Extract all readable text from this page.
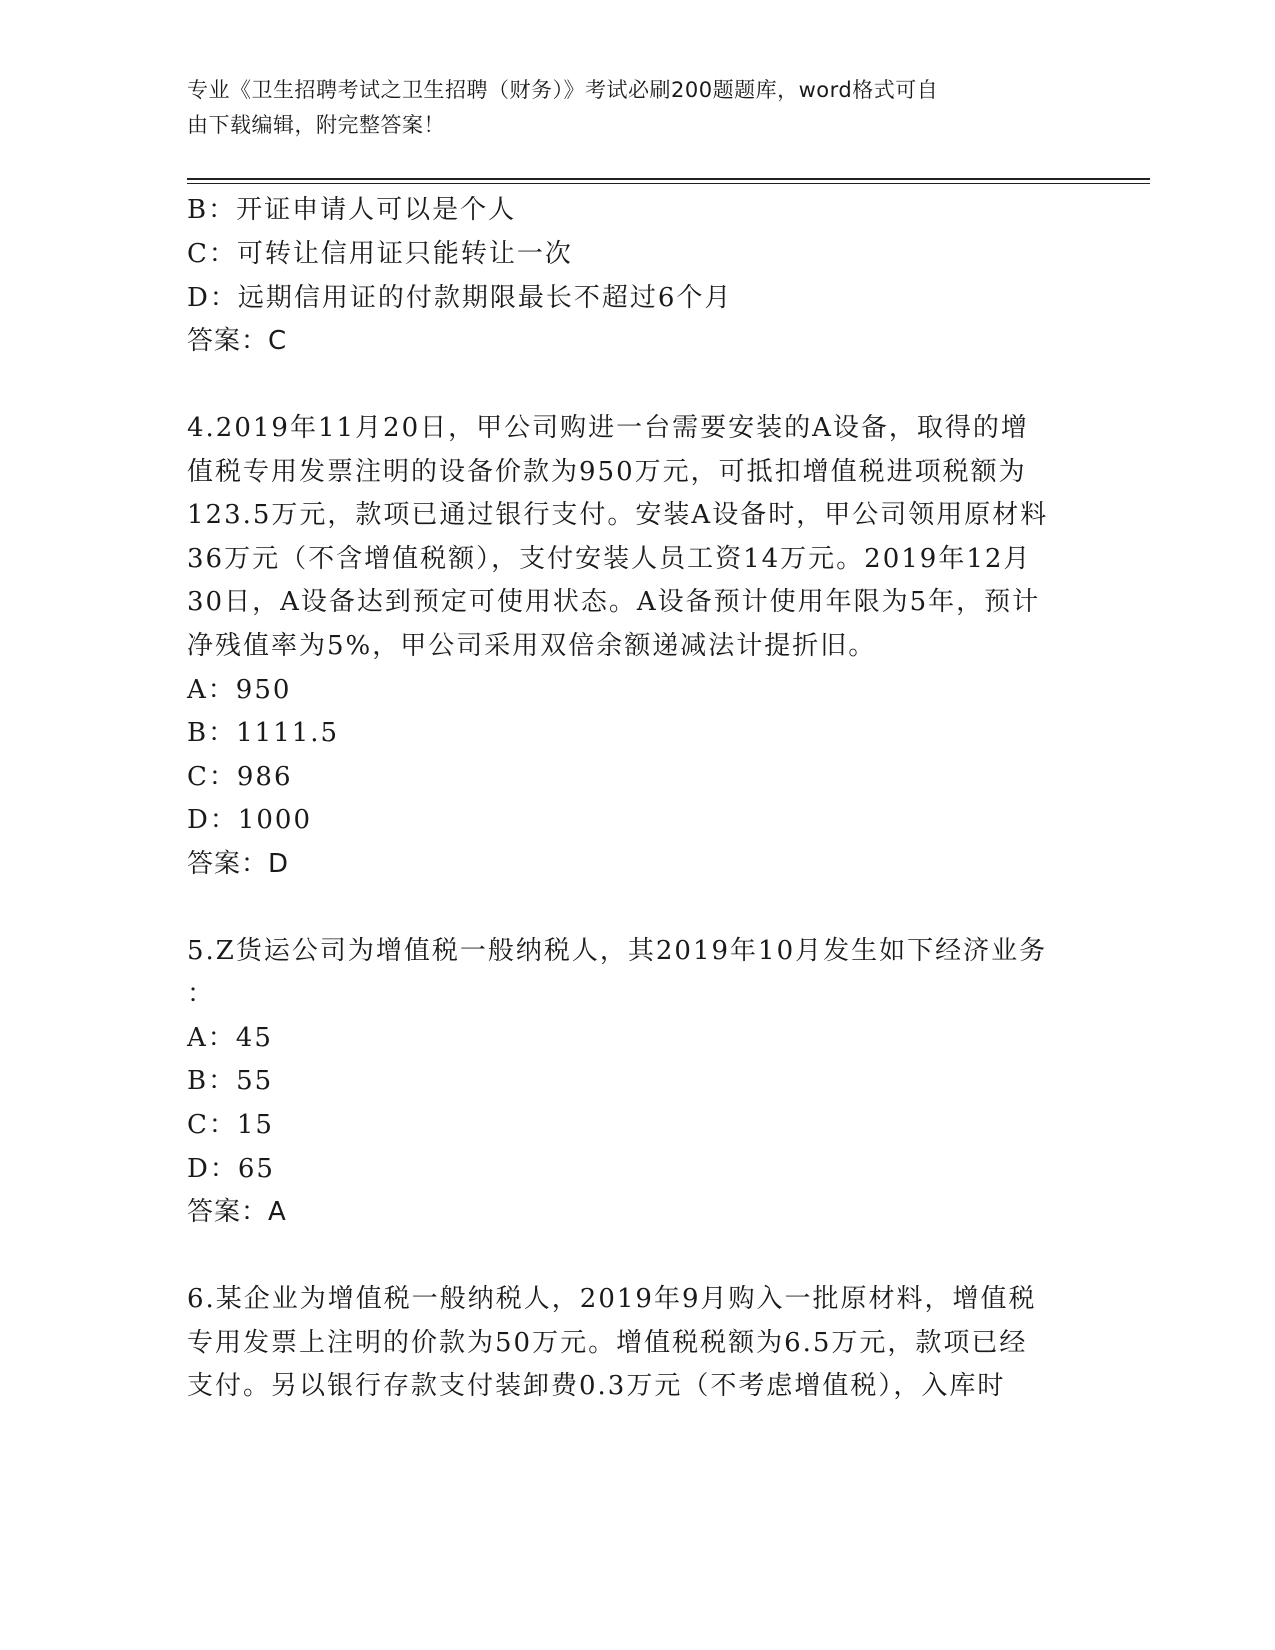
专业《卫生招聘考试之卫生招聘（财务）》考试必刷200题题库，word格式可自
由下载编辑，附完整答案！
B：开证申请人可以是个人
C：可转让信用证只能转让一次
D：远期信用证的付款期限最长不超过6个月
答案：C
4.2019年11月20日，甲公司购进一台需要安装的A设备，取得的增
值税专用发票注明的设备价款为950万元，可抵扣增值税进项税额为
123.5万元，款项已通过银行支付。安装A设备时，甲公司领用原材料
36万元（不含增值税额），支付安装人员工资14万元。2019年12月
30日，A设备达到预定可使用状态。A设备预计使用年限为5年，预计
净残值率为5%，甲公司采用双倍余额递减法计提折旧。
A：950
B：1111.5
C：986
D：1000
答案：D
5.Z货运公司为增值税一般纳税人，其2019年10月发生如下经济业务
：
A：45
B：55
C：15
D：65
答案：A
6.某企业为增值税一般纳税人，2019年9月购入一批原材料，增值税
专用发票上注明的价款为50万元。增值税税额为6.5万元，款项已经
支付。另以银行存款支付装卸费0.3万元（不考虑增值税），入库时
